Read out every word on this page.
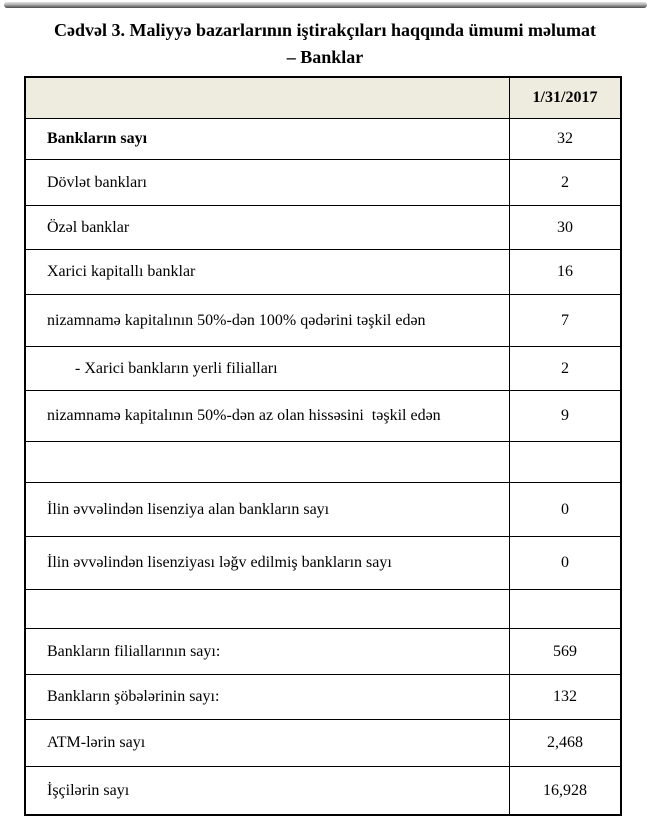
Cədvəl 3. Maliyyə bazarlarının iştirakçıları haqqında ümumi məlumat
– Banklar
1/31/2017
Bankların sayı	32
Dövlət bankları	2
Özəl banklar	30
Xarici kapitallı banklar	16
nizamnamə kapitalının 50%-dən 100% qədərini təşkil edən	7
- Xarici bankların yerli filialları	2
nizamnamə kapitalının 50%-dən az olan hissəsini  təşkil edən	9
İlin əvvəlindən lisenziya alan bankların sayı	0
İlin əvvəlindən lisenziyası ləğv edilmiş bankların sayı	0
Bankların filiallarının sayı:	569
Bankların şöbələrinin sayı:	132
ATM-lərin sayı	2,468
İşçilərin sayı	16,928
